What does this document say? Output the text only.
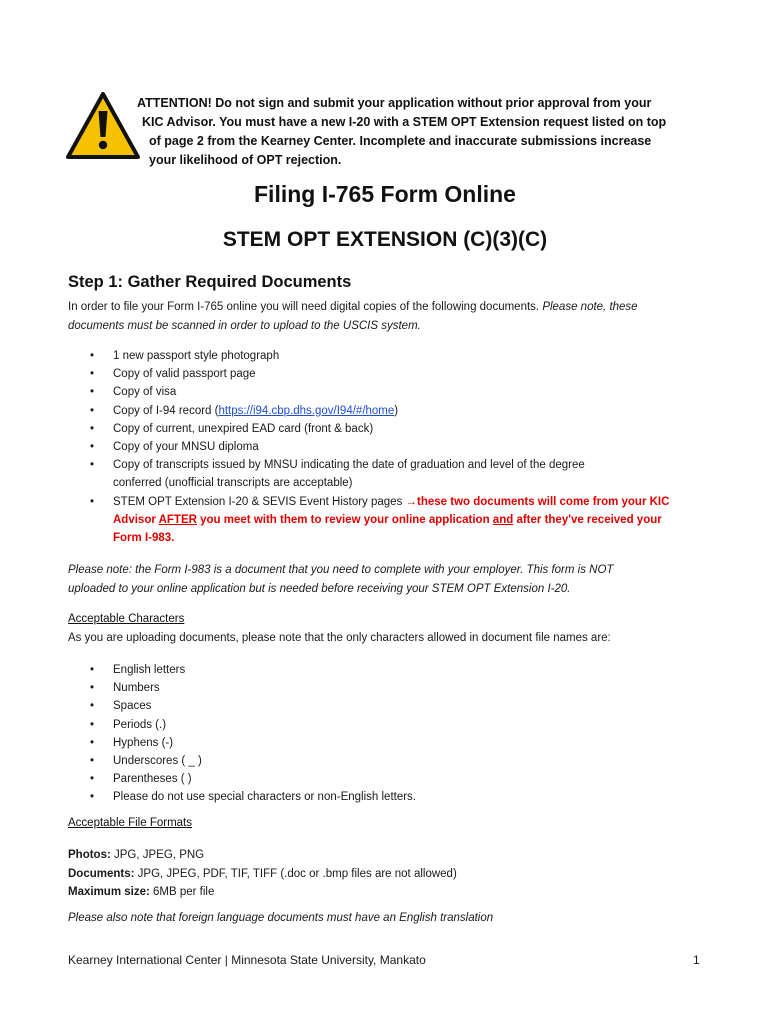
ATTENTION! Do not sign and submit your application without prior approval from your
KIC Advisor. You must have a new I-20 with a STEM OPT Extension request listed on top
of page 2 from the Kearney Center. Incomplete and inaccurate submissions increase
your likelihood of OPT rejection.
Filing I-765 Form Online
STEM OPT EXTENSION (C)(3)(C)
Step 1: Gather Required Documents
In order to file your Form I-765 online you will need digital copies of the following documents. Please note, these
documents must be scanned in order to upload to the USCIS system.
• 1 new passport style photograph
• Copy of valid passport page
• Copy of visa
• Copy of I-94 record (https://i94.cbp.dhs.gov/I94/#/home)
• Copy of current, unexpired EAD card (front & back)
• Copy of your MNSU diploma
• Copy of transcripts issued by MNSU indicating the date of graduation and level of the degree
conferred (unofficial transcripts are acceptable)
• STEM OPT Extension I-20 & SEVIS Event History pages →these two documents will come from your KIC
Advisor AFTER you meet with them to review your online application and after they've received your
Form I-983.
Please note: the Form I-983 is a document that you need to complete with your employer. This form is NOT
uploaded to your online application but is needed before receiving your STEM OPT Extension I-20.
Acceptable Characters
As you are uploading documents, please note that the only characters allowed in document file names are:
• English letters
• Numbers
• Spaces
• Periods (.)
• Hyphens (-)
• Underscores ( _ )
• Parentheses ( )
• Please do not use special characters or non-English letters.
Acceptable File Formats
Photos: JPG, JPEG, PNG
Documents: JPG, JPEG, PDF, TIF, TIFF (.doc or .bmp files are not allowed)
Maximum size: 6MB per file
Please also note that foreign language documents must have an English translation
Kearney International Center | Minnesota State University, Mankato	1
